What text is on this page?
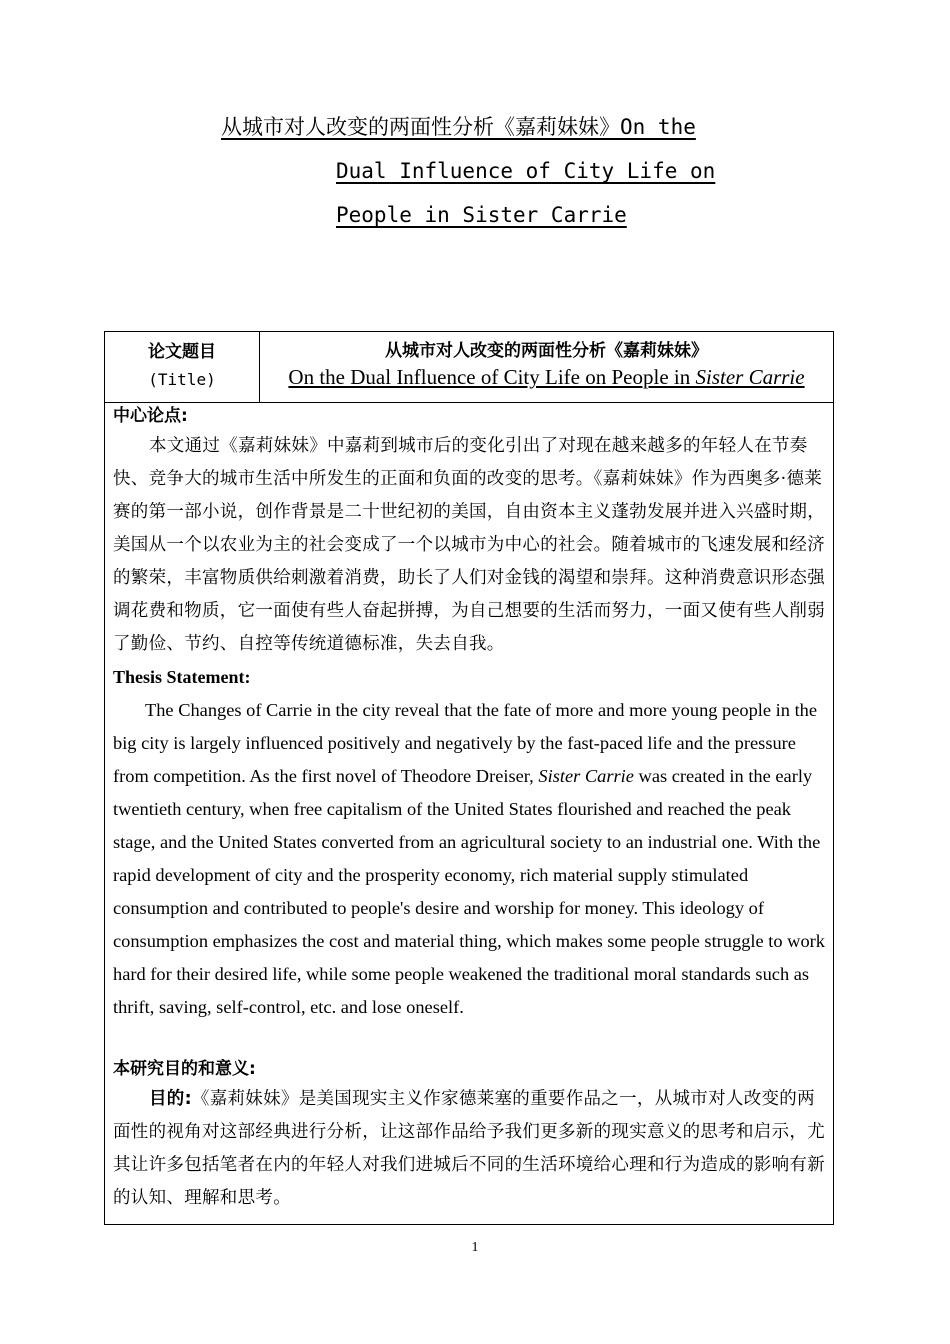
从城市对人改变的两面性分析《嘉莉妹妹》On the
Dual Influence of City Life on
People in Sister Carrie
论文题目
(Title)
从城市对人改变的两面性分析《嘉莉妹妹》
On the Dual Influence of City Life on People in Sister Carrie
中心论点:
本文通过《嘉莉妹妹》中嘉莉到城市后的变化引出了对现在越来越多的年轻人在节奏快、竞争大的城市生活中所发生的正面和负面的改变的思考。《嘉莉妹妹》作为西奥多·德莱赛的第一部小说，创作背景是二十世纪初的美国，自由资本主义蓬勃发展并进入兴盛时期，美国从一个以农业为主的社会变成了一个以城市为中心的社会。随着城市的飞速发展和经济的繁荣，丰富物质供给刺激着消费，助长了人们对金钱的渴望和崇拜。这种消费意识形态强调花费和物质，它一面使有些人奋起拼搏，为自己想要的生活而努力，一面又使有些人削弱了勤俭、节约、自控等传统道德标准，失去自我。
Thesis Statement:
The Changes of Carrie in the city reveal that the fate of more and more young people in the big city is largely influenced positively and negatively by the fast-paced life and the pressure from competition. As the first novel of Theodore Dreiser, Sister Carrie was created in the early twentieth century, when free capitalism of the United States flourished and reached the peak stage, and the United States converted from an agricultural society to an industrial one. With the rapid development of city and the prosperity economy, rich material supply stimulated consumption and contributed to people's desire and worship for money. This ideology of consumption emphasizes the cost and material thing, which makes some people struggle to work hard for their desired life, while some people weakened the traditional moral standards such as thrift, saving, self-control, etc. and lose oneself.
本研究目的和意义:
目的:《嘉莉妹妹》是美国现实主义作家德莱塞的重要作品之一，从城市对人改变的两面性的视角对这部经典进行分析，让这部作品给予我们更多新的现实意义的思考和启示，尤其让许多包括笔者在内的年轻人对我们进城后不同的生活环境给心理和行为造成的影响有新的认知、理解和思考。
1
